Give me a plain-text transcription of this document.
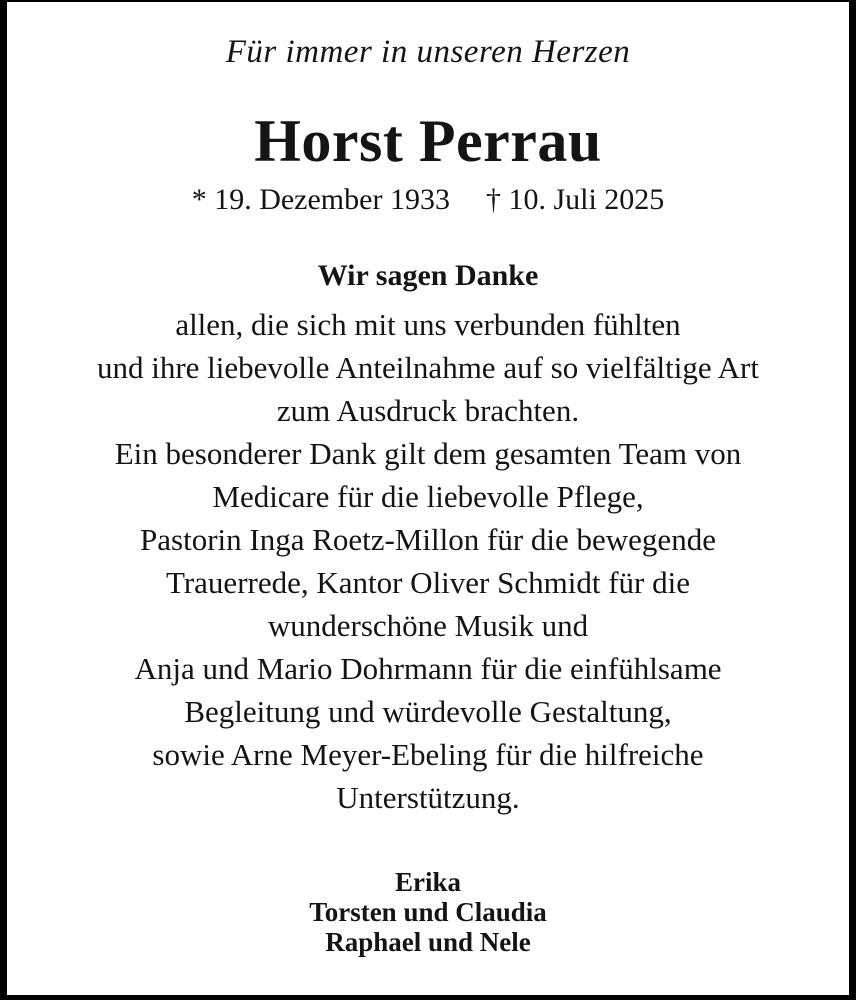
Für immer in unseren Herzen
Horst Perrau
* 19. Dezember 1933 † 10. Juli 2025
Wir sagen Danke
allen, die sich mit uns verbunden fühlten
und ihre liebevolle Anteilnahme auf so vielfältige Art
zum Ausdruck brachten.
Ein besonderer Dank gilt dem gesamten Team von
Medicare für die liebevolle Pflege,
Pastorin Inga Roetz-Millon für die bewegende
Trauerrede, Kantor Oliver Schmidt für die
wunderschöne Musik und
Anja und Mario Dohrmann für die einfühlsame
Begleitung und würdevolle Gestaltung,
sowie Arne Meyer-Ebeling für die hilfreiche
Unterstützung.
Erika
Torsten und Claudia
Raphael und Nele
